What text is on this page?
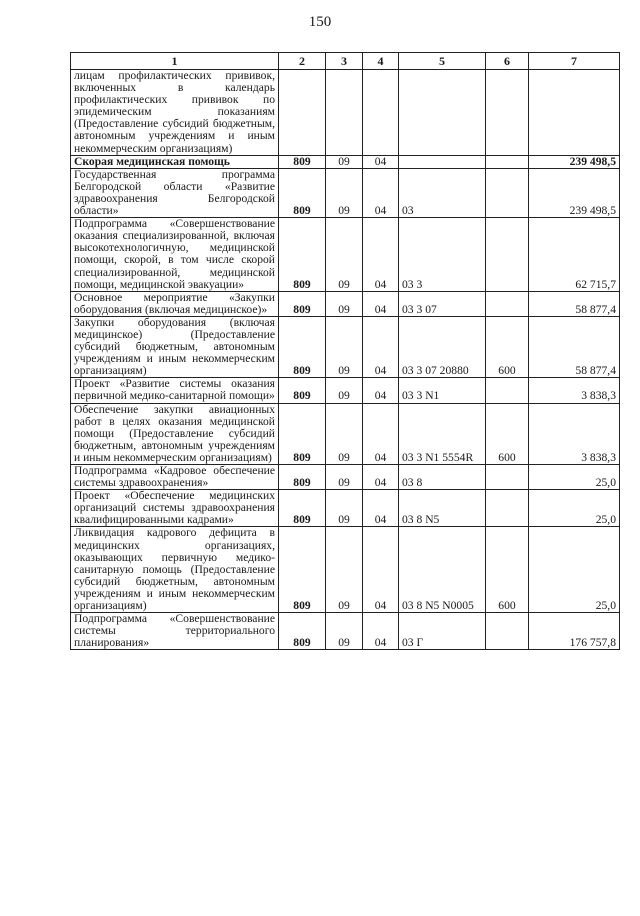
150
1	2	3	4	5	6	7
лицам профилактических прививок, включенных в календарь профилактических прививок по эпидемическим показаниям (Предоставление субсидий бюджетным, автономным учреждениям и иным некоммерческим организациям)						
Скорая медицинская помощь	809	09	04			239 498,5
Государственная программа Белгородской области «Развитие здравоохранения Белгородской области»	809	09	04	03		239 498,5
Подпрограмма «Совершенствование оказания специализированной, включая высокотехнологичную, медицинской помощи, скорой, в том числе скорой специализированной, медицинской помощи, медицинской эвакуации»	809	09	04	03 3		62 715,7
Основное мероприятие «Закупки оборудования (включая медицинское)»	809	09	04	03 3 07		58 877,4
Закупки оборудования (включая медицинское) (Предоставление субсидий бюджетным, автономным учреждениям и иным некоммерческим организациям)	809	09	04	03 3 07 20880	600	58 877,4
Проект «Развитие системы оказания первичной медико-санитарной помощи»	809	09	04	03 3 N1		3 838,3
Обеспечение закупки авиационных работ в целях оказания медицинской помощи (Предоставление субсидий бюджетным, автономным учреждениям и иным некоммерческим организациям)	809	09	04	03 3 N1 5554R	600	3 838,3
Подпрограмма «Кадровое обеспечение системы здравоохранения»	809	09	04	03 8		25,0
Проект «Обеспечение медицинских организаций системы здравоохранения квалифицированными кадрами»	809	09	04	03 8 N5		25,0
Ликвидация кадрового дефицита в медицинских организациях, оказывающих первичную медико-санитарную помощь (Предоставление субсидий бюджетным, автономным учреждениям и иным некоммерческим организациям)	809	09	04	03 8 N5 N0005	600	25,0
Подпрограмма «Совершенствование системы территориального планирования»	809	09	04	03 Г		176 757,8
